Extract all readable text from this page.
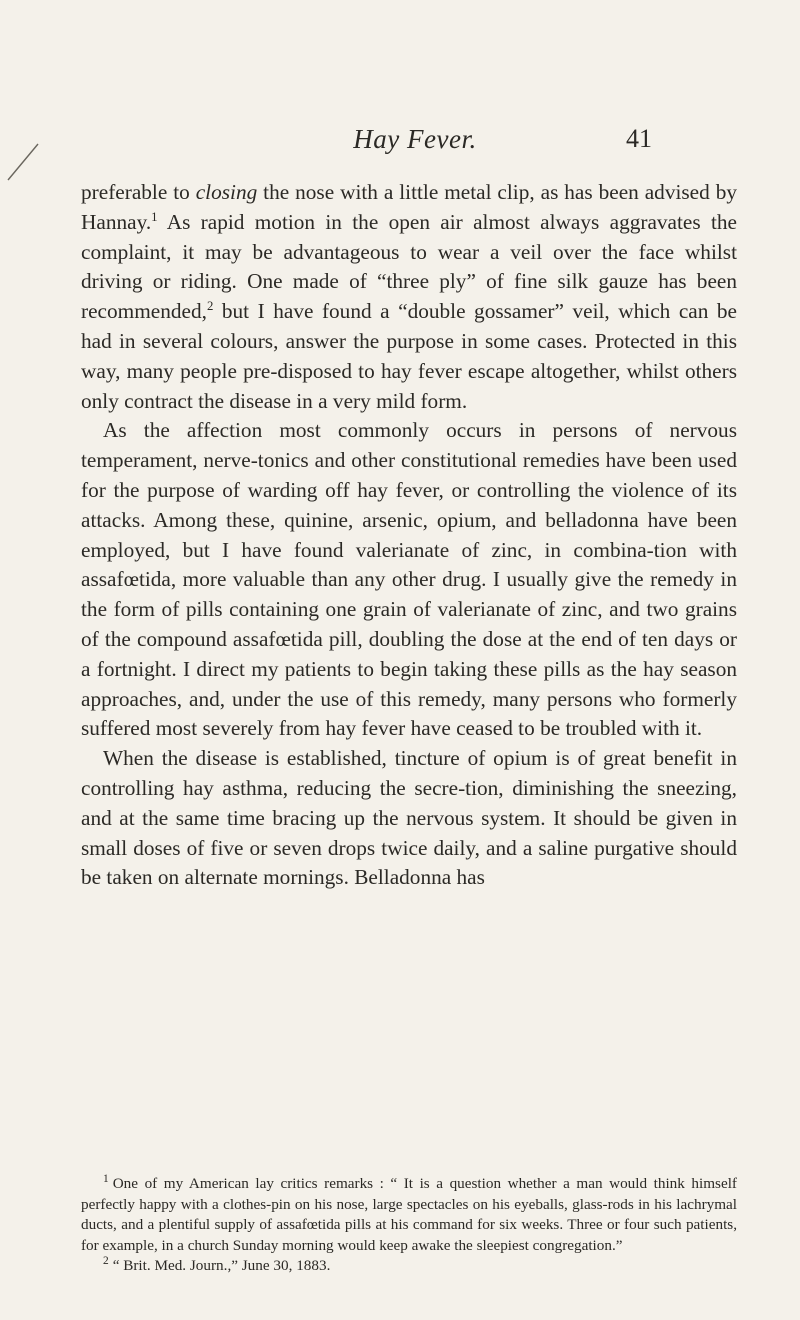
Hay Fever.	41

preferable to closing the nose with a little metal clip, as has been advised by Hannay.$^1$ As rapid motion in the open air almost always aggravates the complaint, it may be advantageous to wear a veil over the face whilst driving or riding. One made of “three ply” of fine silk gauze has been recommended,$^2$ but I have found a “double gossamer” veil, which can be had in several colours, answer the purpose in some cases. Protected in this way, many people pre-disposed to hay fever escape altogether, whilst others only contract the disease in a very mild form.

As the affection most commonly occurs in persons of nervous temperament, nerve-tonics and other constitutional remedies have been used for the purpose of warding off hay fever, or controlling the violence of its attacks. Among these, quinine, arsenic, opium, and belladonna have been employed, but I have found valerianate of zinc, in combina-tion with assafœtida, more valuable than any other drug. I usually give the remedy in the form of pills containing one grain of valerianate of zinc, and two grains of the compound assafœtida pill, doubling the dose at the end of ten days or a fortnight. I direct my patients to begin taking these pills as the hay season approaches, and, under the use of this remedy, many persons who formerly suffered most severely from hay fever have ceased to be troubled with it.

When the disease is established, tincture of opium is of great benefit in controlling hay asthma, reducing the secre-tion, diminishing the sneezing, and at the same time bracing up the nervous system. It should be given in small doses of five or seven drops twice daily, and a saline purgative should be taken on alternate mornings. Belladonna has

$^1$ One of my American lay critics remarks : “ It is a question whether a man would think himself perfectly happy with a clothes-pin on his nose, large spectacles on his eyeballs, glass-rods in his lachrymal ducts, and a plentiful supply of assafœtida pills at his command for six weeks. Three or four such patients, for example, in a church Sunday morning would keep awake the sleepiest congregation.”

$^2$ “ Brit. Med. Journ.,” June 30, 1883.
